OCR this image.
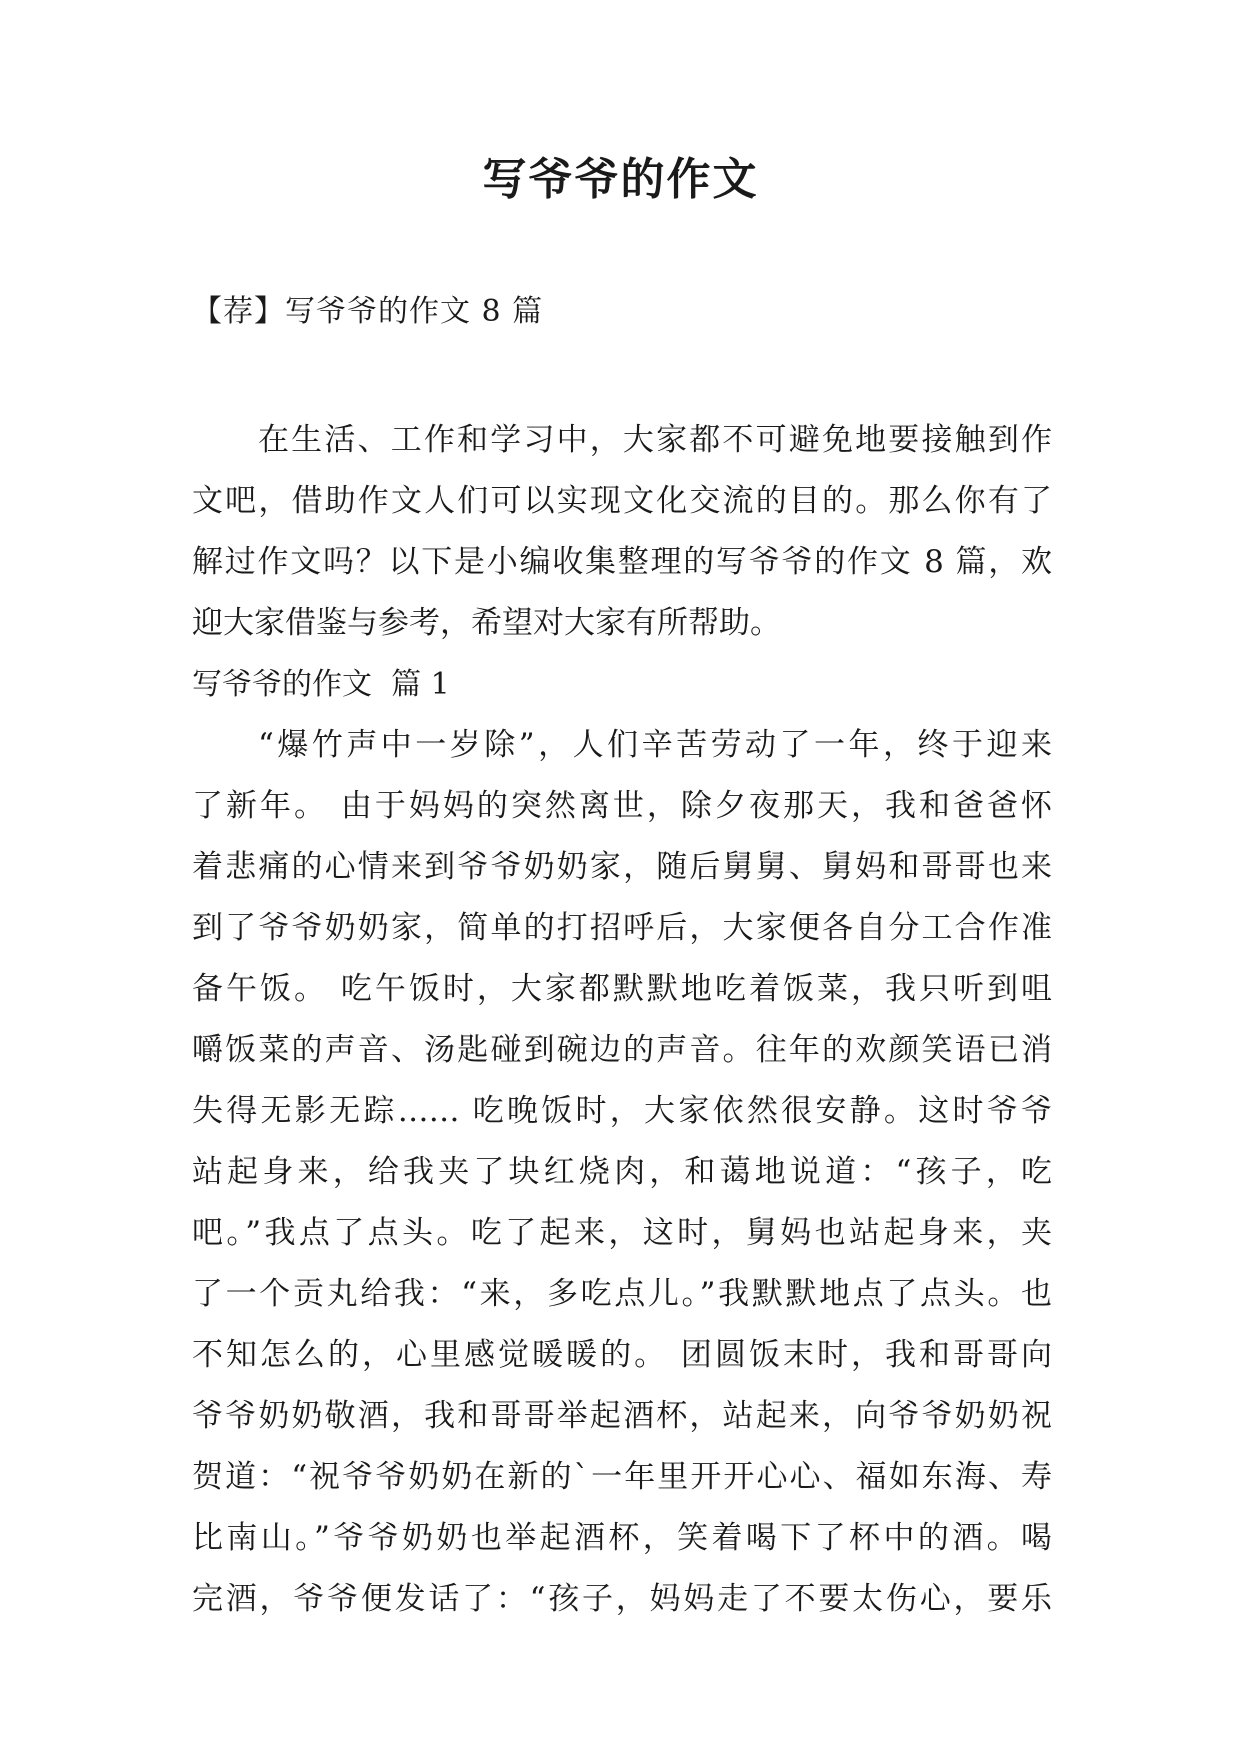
写爷爷的作文
【荐】写爷爷的作文 8 篇
在生活、工作和学习中，大家都不可避免地要接触到作
文吧，借助作文人们可以实现文化交流的目的。那么你有了
解过作文吗？以下是小编收集整理的写爷爷的作文 8 篇，欢
迎大家借鉴与参考，希望对大家有所帮助。
写爷爷的作文  篇 1
“爆竹声中一岁除”，人们辛苦劳动了一年，终于迎来
了新年。 由于妈妈的突然离世，除夕夜那天，我和爸爸怀
着悲痛的心情来到爷爷奶奶家，随后舅舅、舅妈和哥哥也来
到了爷爷奶奶家，简单的打招呼后，大家便各自分工合作准
备午饭。 吃午饭时，大家都默默地吃着饭菜，我只听到咀
嚼饭菜的声音、汤匙碰到碗边的声音。往年的欢颜笑语已消
失得无影无踪…… 吃晚饭时，大家依然很安静。这时爷爷
站起身来，给我夹了块红烧肉，和蔼地说道：“孩子，吃
吧。”我点了点头。吃了起来，这时，舅妈也站起身来，夹
了一个贡丸给我：“来，多吃点儿。”我默默地点了点头。也
不知怎么的，心里感觉暖暖的。 团圆饭末时，我和哥哥向
爷爷奶奶敬酒，我和哥哥举起酒杯，站起来，向爷爷奶奶祝
贺道：“祝爷爷奶奶在新的`一年里开开心心、福如东海、寿
比南山。”爷爷奶奶也举起酒杯，笑着喝下了杯中的酒。喝
完酒，爷爷便发话了：“孩子，妈妈走了不要太伤心，要乐
